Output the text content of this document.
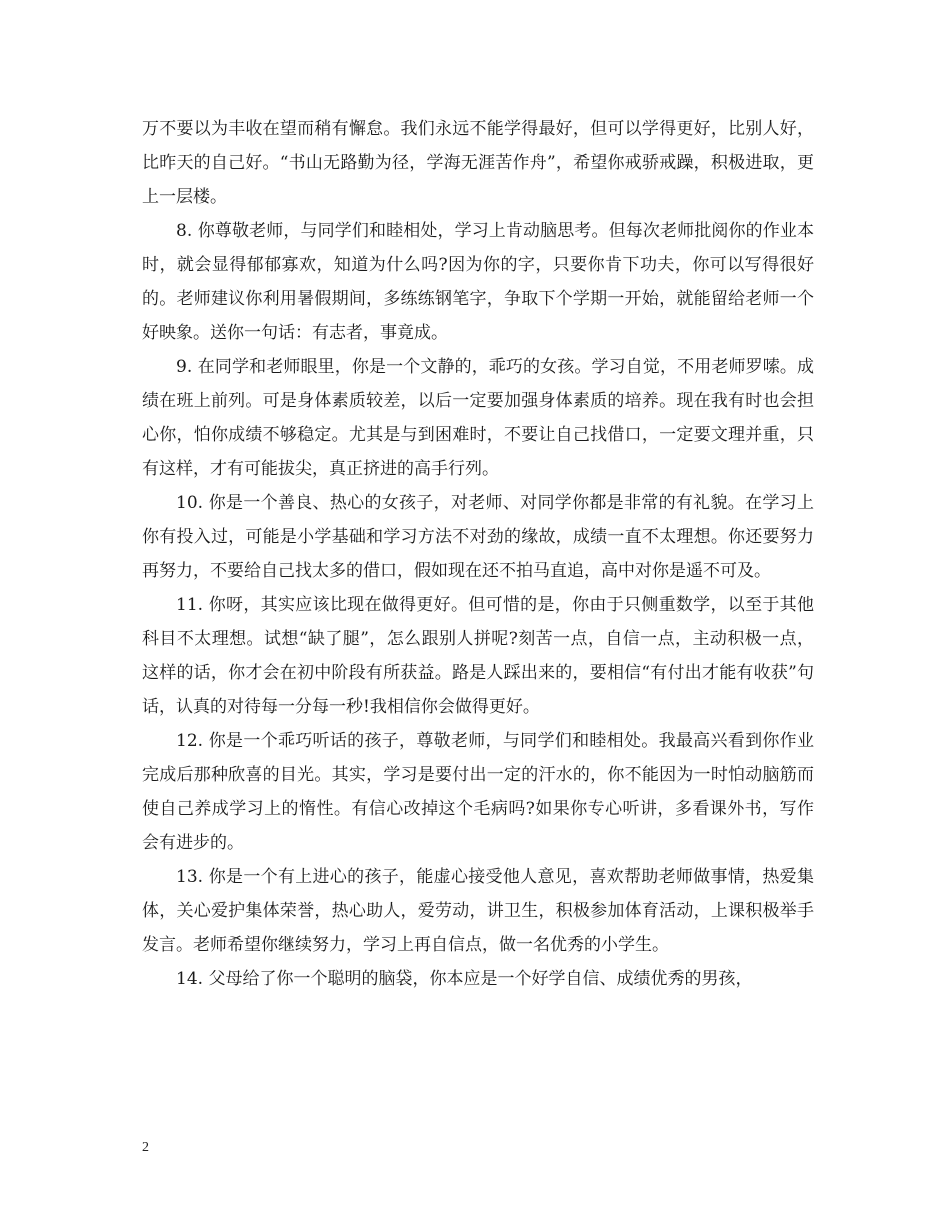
万不要以为丰收在望而稍有懈怠。我们永远不能学得最好，但可以学得更好，比别人好，比昨天的自己好。“书山无路勤为径，学海无涯苦作舟”，希望你戒骄戒躁，积极进取，更上一层楼。

8. 你尊敬老师，与同学们和睦相处，学习上肯动脑思考。但每次老师批阅你的作业本时，就会显得郁郁寡欢，知道为什么吗?因为你的字，只要你肯下功夫，你可以写得很好的。老师建议你利用暑假期间，多练练钢笔字，争取下个学期一开始，就能留给老师一个好映象。送你一句话：有志者，事竟成。

9. 在同学和老师眼里，你是一个文静的，乖巧的女孩。学习自觉，不用老师罗嗦。成绩在班上前列。可是身体素质较差，以后一定要加强身体素质的培养。现在我有时也会担心你，怕你成绩不够稳定。尤其是与到困难时，不要让自己找借口，一定要文理并重，只有这样，才有可能拔尖，真正挤进的高手行列。

10. 你是一个善良、热心的女孩子，对老师、对同学你都是非常的有礼貌。在学习上你有投入过，可能是小学基础和学习方法不对劲的缘故，成绩一直不太理想。你还要努力再努力，不要给自己找太多的借口，假如现在还不拍马直追，高中对你是遥不可及。

11. 你呀，其实应该比现在做得更好。但可惜的是，你由于只侧重数学，以至于其他科目不太理想。试想“缺了腿”，怎么跟别人拼呢?刻苦一点，自信一点，主动积极一点，这样的话，你才会在初中阶段有所获益。路是人踩出来的，要相信“有付出才能有收获”句话，认真的对待每一分每一秒!我相信你会做得更好。

12. 你是一个乖巧听话的孩子，尊敬老师，与同学们和睦相处。我最高兴看到你作业完成后那种欣喜的目光。其实，学习是要付出一定的汗水的，你不能因为一时怕动脑筋而使自己养成学习上的惰性。有信心改掉这个毛病吗?如果你专心听讲，多看课外书，写作会有进步的。

13. 你是一个有上进心的孩子，能虚心接受他人意见，喜欢帮助老师做事情，热爱集体，关心爱护集体荣誉，热心助人，爱劳动，讲卫生，积极参加体育活动，上课积极举手发言。老师希望你继续努力，学习上再自信点，做一名优秀的小学生。

14. 父母给了你一个聪明的脑袋，你本应是一个好学自信、成绩优秀的男孩，

2
